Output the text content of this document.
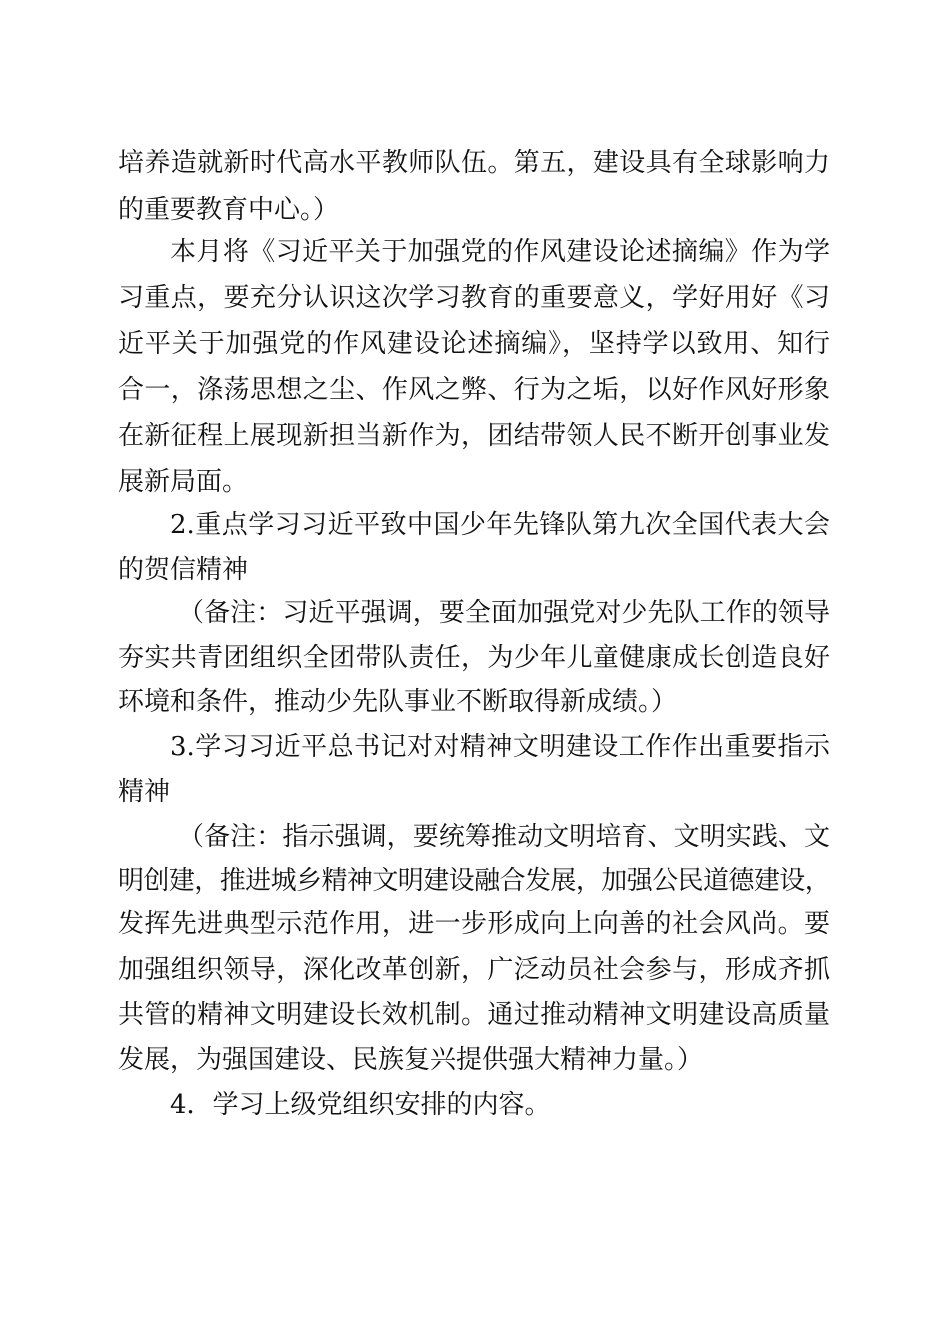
培养造就新时代高水平教师队伍。第五，建设具有全球影响力
的重要教育中心。）
本月将《习近平关于加强党的作风建设论述摘编》作为学
习重点，要充分认识这次学习教育的重要意义，学好用好《习
近平关于加强党的作风建设论述摘编》，坚持学以致用、知行
合一，涤荡思想之尘、作风之弊、行为之垢，以好作风好形象
在新征程上展现新担当新作为，团结带领人民不断开创事业发
展新局面。
2.重点学习习近平致中国少年先锋队第九次全国代表大会
的贺信精神
（备注：习近平强调，要全面加强党对少先队工作的领导
夯实共青团组织全团带队责任，为少年儿童健康成长创造良好
环境和条件，推动少先队事业不断取得新成绩。）
3.学习习近平总书记对对精神文明建设工作作出重要指示
精神
（备注：指示强调，要统筹推动文明培育、文明实践、文
明创建，推进城乡精神文明建设融合发展，加强公民道德建设，
发挥先进典型示范作用，进一步形成向上向善的社会风尚。要
加强组织领导，深化改革创新，广泛动员社会参与，形成齐抓
共管的精神文明建设长效机制。通过推动精神文明建设高质量
发展，为强国建设、民族复兴提供强大精神力量。）
4．学习上级党组织安排的内容。
